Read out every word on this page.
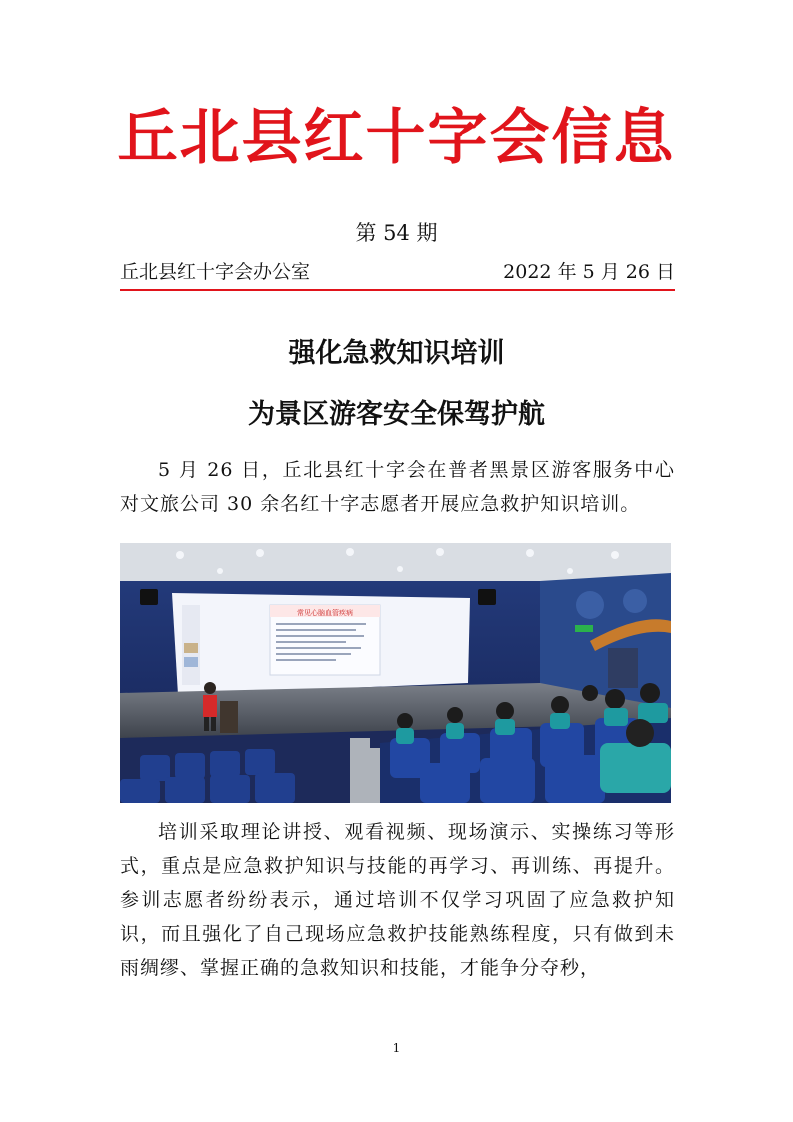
丘北县红十字会信息
第 54 期
丘北县红十字会办公室	2022 年 5 月 26 日
强化急救知识培训
为景区游客安全保驾护航

5 月 26 日，丘北县红十字会在普者黑景区游客服务中心对文旅公司 30 余名红十字志愿者开展应急救护知识培训。

常见心脑血管疾病

培训采取理论讲授、观看视频、现场演示、实操练习等形式，重点是应急救护知识与技能的再学习、再训练、再提升。参训志愿者纷纷表示，通过培训不仅学习巩固了应急救护知识，而且强化了自己现场应急救护技能熟练程度，只有做到未雨绸缪、掌握正确的急救知识和技能，才能争分夺秒，

1
